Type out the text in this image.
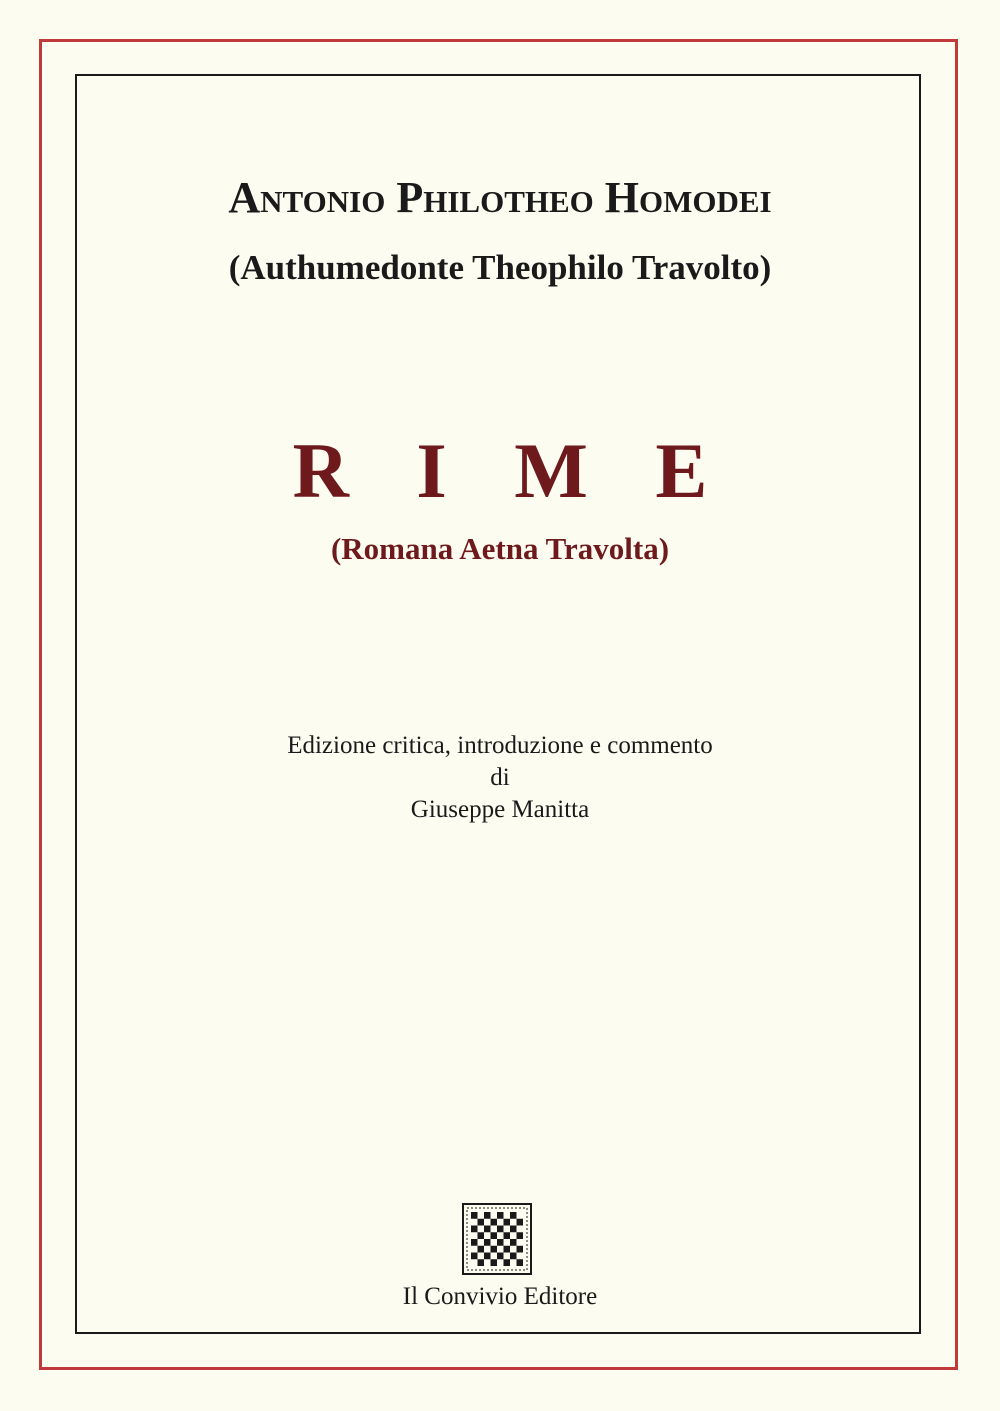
Antonio Philotheo Homodei
(Authumedonte Theophilo Travolto)
R I M E
(Romana Aetna Travolta)
Edizione critica, introduzione e commento
di
Giuseppe Manitta

Il Convivio Editore
